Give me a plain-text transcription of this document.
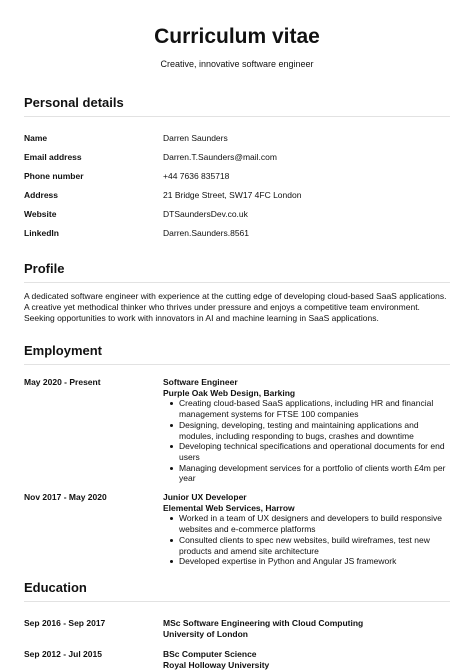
Curriculum vitae
Creative, innovative software engineer
Personal details
Name	Darren Saunders
Email address	Darren.T.Saunders@mail.com
Phone number	+44 7636 835718
Address	21 Bridge Street, SW17 4FC London
Website	DTSaundersDev.co.uk
LinkedIn	Darren.Saunders.8561
Profile
A dedicated software engineer with experience at the cutting edge of developing cloud-based SaaS applications. A creative yet methodical thinker who thrives under pressure and enjoys a competitive team environment. Seeking opportunities to work with innovators in AI and machine learning in SaaS applications.
Employment
May 2020 - Present	Software Engineer
Purple Oak Web Design, Barking
Creating cloud-based SaaS applications, including HR and financial management systems for FTSE 100 companies
Designing, developing, testing and maintaining applications and modules, including responding to bugs, crashes and downtime
Developing technical specifications and operational documents for end users
Managing development services for a portfolio of clients worth £4m per year
Nov 2017 - May 2020	Junior UX Developer
Elemental Web Services, Harrow
Worked in a team of UX designers and developers to build responsive websites and e-commerce platforms
Consulted clients to spec new websites, build wireframes, test new products and amend site architecture
Developed expertise in Python and Angular JS framework
Education
Sep 2016 - Sep 2017	MSc Software Engineering with Cloud Computing
University of London
Sep 2012 - Jul 2015	BSc Computer Science
Royal Holloway University
